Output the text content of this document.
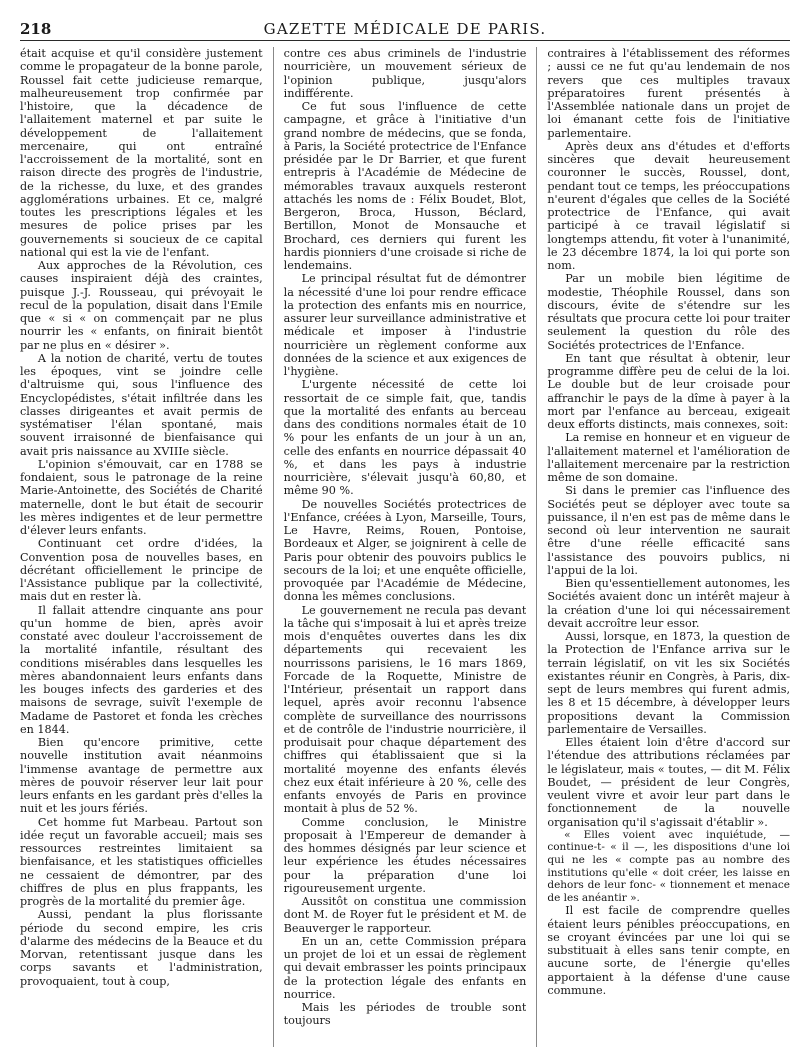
218	GAZETTE MÉDICALE DE PARIS.

était acquise et qu'il considère justement comme le propagateur de la bonne parole, Roussel fait cette judicieuse remarque, malheureusement trop confirmée par l'histoire, que la décadence de l'allaitement maternel et par suite le développement de l'allaitement mercenaire, qui ont entraîné l'accroissement de la mortalité, sont en raison directe des progrès de l'industrie, de la richesse, du luxe, et des grandes agglomérations urbaines. Et ce, malgré toutes les prescriptions légales et les mesures de police prises par les gouvernements si soucieux de ce capital national qui est la vie de l'enfant.

Aux approches de la Révolution, ces causes inspiraient déjà des craintes, puisque J.-J. Rousseau, qui prévoyait le recul de la population, disait dans l'Emile que « si « on commençait par ne plus nourrir les « enfants, on finirait bientôt par ne plus en « désirer ».

A la notion de charité, vertu de toutes les époques, vint se joindre celle d'altruisme qui, sous l'influence des Encyclopédistes, s'était infiltrée dans les classes dirigeantes et avait permis de systématiser l'élan spontané, mais souvent irraisonné de bienfaisance qui avait pris naissance au XVIIIe siècle.

L'opinion s'émouvait, car en 1788 se fondaient, sous le patronage de la reine Marie-Antoinette, des Sociétés de Charité maternelle, dont le but était de secourir les mères indigentes et de leur permettre d'élever leurs enfants.

Continuant cet ordre d'idées, la Convention posa de nouvelles bases, en décrétant officiellement le principe de l'Assistance publique par la collectivité, mais dut en rester là.

Il fallait attendre cinquante ans pour qu'un homme de bien, après avoir constaté avec douleur l'accroissement de la mortalité infantile, résultant des conditions misérables dans lesquelles les mères abandonnaient leurs enfants dans les bouges infects des garderies et des maisons de sevrage, suivît l'exemple de Madame de Pastoret et fonda les crèches en 1844.

Bien qu'encore primitive, cette nouvelle institution avait néanmoins l'immense avantage de permettre aux mères de pouvoir réserver leur lait pour leurs enfants en les gardant près d'elles la nuit et les jours fériés.

Cet homme fut Marbeau. Partout son idée reçut un favorable accueil; mais ses ressources restreintes limitaient sa bienfaisance, et les statistiques officielles ne cessaient de démontrer, par des chiffres de plus en plus frappants, les progrès de la mortalité du premier âge.

Aussi, pendant la plus florissante période du second empire, les cris d'alarme des médecins de la Beauce et du Morvan, retentissant jusque dans les corps savants et l'administration, provoquaient, tout à coup,

contre ces abus criminels de l'industrie nourricière, un mouvement sérieux de l'opinion publique, jusqu'alors indifférente.

Ce fut sous l'influence de cette campagne, et grâce à l'initiative d'un grand nombre de médecins, que se fonda, à Paris, la Société protectrice de l'Enfance présidée par le Dr Barrier, et que furent entrepris à l'Académie de Médecine de mémorables travaux auxquels resteront attachés les noms de : Félix Boudet, Blot, Bergeron, Broca, Husson, Béclard, Bertillon, Monot de Monsauche et Brochard, ces derniers qui furent les hardis pionniers d'une croisade si riche de lendemains.

Le principal résultat fut de démontrer la nécessité d'une loi pour rendre efficace la protection des enfants mis en nourrice, assurer leur surveillance administrative et médicale et imposer à l'industrie nourricière un règlement conforme aux données de la science et aux exigences de l'hygiène.

L'urgente nécessité de cette loi ressortait de ce simple fait, que, tandis que la mortalité des enfants au berceau dans des conditions normales était de 10 % pour les enfants de un jour à un an, celle des enfants en nourrice dépassait 40 %, et dans les pays à industrie nourricière, s'élevait jusqu'à 60,80, et même 90 %.

De nouvelles Sociétés protectrices de l'Enfance, créées à Lyon, Marseille, Tours, Le Havre, Reims, Rouen, Pontoise, Bordeaux et Alger, se joignirent à celle de Paris pour obtenir des pouvoirs publics le secours de la loi; et une enquête officielle, provoquée par l'Académie de Médecine, donna les mêmes conclusions.

Le gouvernement ne recula pas devant la tâche qui s'imposait à lui et après treize mois d'enquêtes ouvertes dans les dix départements qui recevaient les nourrissons parisiens, le 16 mars 1869, Forcade de la Roquette, Ministre de l'Intérieur, présentait un rapport dans lequel, après avoir reconnu l'absence complète de surveillance des nourrissons et de contrôle de l'industrie nourricière, il produisait pour chaque département des chiffres qui établissaient que si la mortalité moyenne des enfants élevés chez eux était inférieure à 20 %, celle des enfants envoyés de Paris en province montait à plus de 52 %.

Comme conclusion, le Ministre proposait à l'Empereur de demander à des hommes désignés par leur science et leur expérience les études nécessaires pour la préparation d'une loi rigoureusement urgente.

Aussitôt on constitua une commission dont M. de Royer fut le président et M. de Beauverger le rapporteur.

En un an, cette Commission prépara un projet de loi et un essai de règlement qui devait embrasser les points principaux de la protection légale des enfants en nourrice.

Mais les périodes de trouble sont toujours

contraires à l'établissement des réformes ; aussi ce ne fut qu'au lendemain de nos revers que ces multiples travaux préparatoires furent présentés à l'Assemblée nationale dans un projet de loi émanant cette fois de l'initiative parlementaire.

Après deux ans d'études et d'efforts sincères que devait heureusement couronner le succès, Roussel, dont, pendant tout ce temps, les préoccupations n'eurent d'égales que celles de la Société protectrice de l'Enfance, qui avait participé à ce travail législatif si longtemps attendu, fit voter à l'unanimité, le 23 décembre 1874, la loi qui porte son nom.

Par un mobile bien légitime de modestie, Théophile Roussel, dans son discours, évite de s'étendre sur les résultats que procura cette loi pour traiter seulement la question du rôle des Sociétés protectrices de l'Enfance.

En tant que résultat à obtenir, leur programme diffère peu de celui de la loi. Le double but de leur croisade pour affranchir le pays de la dîme à payer à la mort par l'enfance au berceau, exigeait deux efforts distincts, mais connexes, soit:

La remise en honneur et en vigueur de l'allaitement maternel et l'amélioration de l'allaitement mercenaire par la restriction même de son domaine.

Si dans le premier cas l'influence des Sociétés peut se déployer avec toute sa puissance, il n'en est pas de même dans le second où leur intervention ne saurait être d'une réelle efficacité sans l'assistance des pouvoirs publics, ni l'appui de la loi.

Bien qu'essentiellement autonomes, les Sociétés avaient donc un intérêt majeur à la création d'une loi qui nécessairement devait accroître leur essor.

Aussi, lorsque, en 1873, la question de la Protection de l'Enfance arriva sur le terrain législatif, on vit les six Sociétés existantes réunir en Congrès, à Paris, dix-sept de leurs membres qui furent admis, les 8 et 15 décembre, à développer leurs propositions devant la Commission parlementaire de Versailles.

Elles étaient loin d'être d'accord sur l'étendue des attributions réclamées par le législateur, mais « toutes, — dit M. Félix Boudet, — président de leur Congrès, veulent vivre et avoir leur part dans le fonctionnement de la nouvelle organisation qu'il s'agissait d'établir ».

« Elles voient avec inquiétude, — continue-t- « il —, les dispositions d'une loi qui ne les « compte pas au nombre des institutions qu'elle « doit créer, les laisse en dehors de leur fonc- « tionnement et menace de les anéantir ».

Il est facile de comprendre quelles étaient leurs pénibles préoccupations, en se croyant évincées par une loi qui se substituait à elles sans tenir compte, en aucune sorte, de l'énergie qu'elles apportaient à la défense d'une cause commune.
